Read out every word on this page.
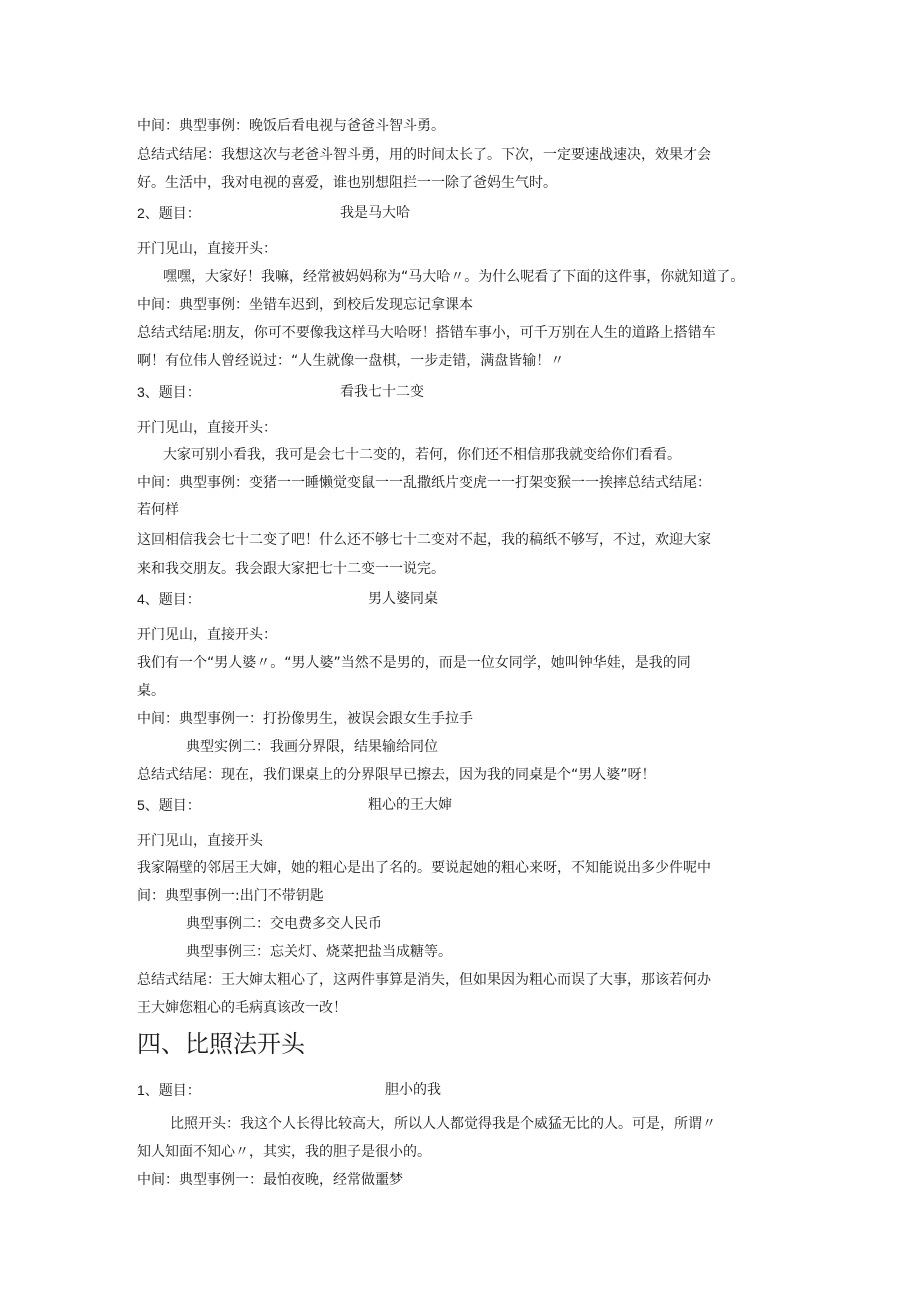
中间：典型事例：晚饭后看电视与爸爸斗智斗勇。
总结式结尾：我想这次与老爸斗智斗勇，用的时间太长了。下次，一定要速战速决，效果才会
好。生活中，我对电视的喜爱，谁也别想阻拦一一除了爸妈生气时。
2、题目：	我是马大哈
开门见山，直接开头：
嘿嘿，大家好！我嘛，经常被妈妈称为“马大哈〃。为什么呢看了下面的这件事，你就知道了。
中间：典型事例：坐错车迟到，到校后发现忘记拿课本
总结式结尾:朋友，你可不要像我这样马大哈呀！搭错车事小，可千万别在人生的道路上搭错车
啊！有位伟人曾经说过：“人生就像一盘棋，一步走错，满盘皆输！〃
3、题目：	看我七十二变
开门见山，直接开头：
大家可别小看我，我可是会七十二变的，若何，你们还不相信那我就变给你们看看。
中间：典型事例：变猪一一睡懒觉变鼠一一乱撒纸片变虎一一打架变猴一一挨摔总结式结尾：
若何样
这回相信我会七十二变了吧！什么还不够七十二变对不起，我的稿纸不够写，不过，欢迎大家
来和我交朋友。我会跟大家把七十二变一一说完。
4、题目：	男人婆同桌
开门见山，直接开头：
我们有一个“男人婆〃。“男人婆”当然不是男的，而是一位女同学，她叫钟华娃，是我的同
桌。
中间：典型事例一：打扮像男生，被误会跟女生手拉手
典型实例二：我画分界限，结果输给同位
总结式结尾：现在，我们课桌上的分界限早已擦去，因为我的同桌是个“男人婆”呀！
5、题目：	粗心的王大婶
开门见山，直接开头
我家隔壁的邻居王大婶，她的粗心是出了名的。要说起她的粗心来呀，不知能说出多少件呢中
间：典型事例一:出门不带钥匙
典型事例二：交电费多交人民币
典型事例三：忘关灯、烧菜把盐当成糖等。
总结式结尾：王大婶太粗心了，这两件事算是消失，但如果因为粗心而误了大事，那该若何办
王大婶您粗心的毛病真该改一改！
四、比照法开头
1、题目：	胆小的我
比照开头：我这个人长得比较高大，所以人人都觉得我是个威猛无比的人。可是，所谓〃
知人知面不知心〃，其实，我的胆子是很小的。
中间：典型事例一：最怕夜晚，经常做噩梦
